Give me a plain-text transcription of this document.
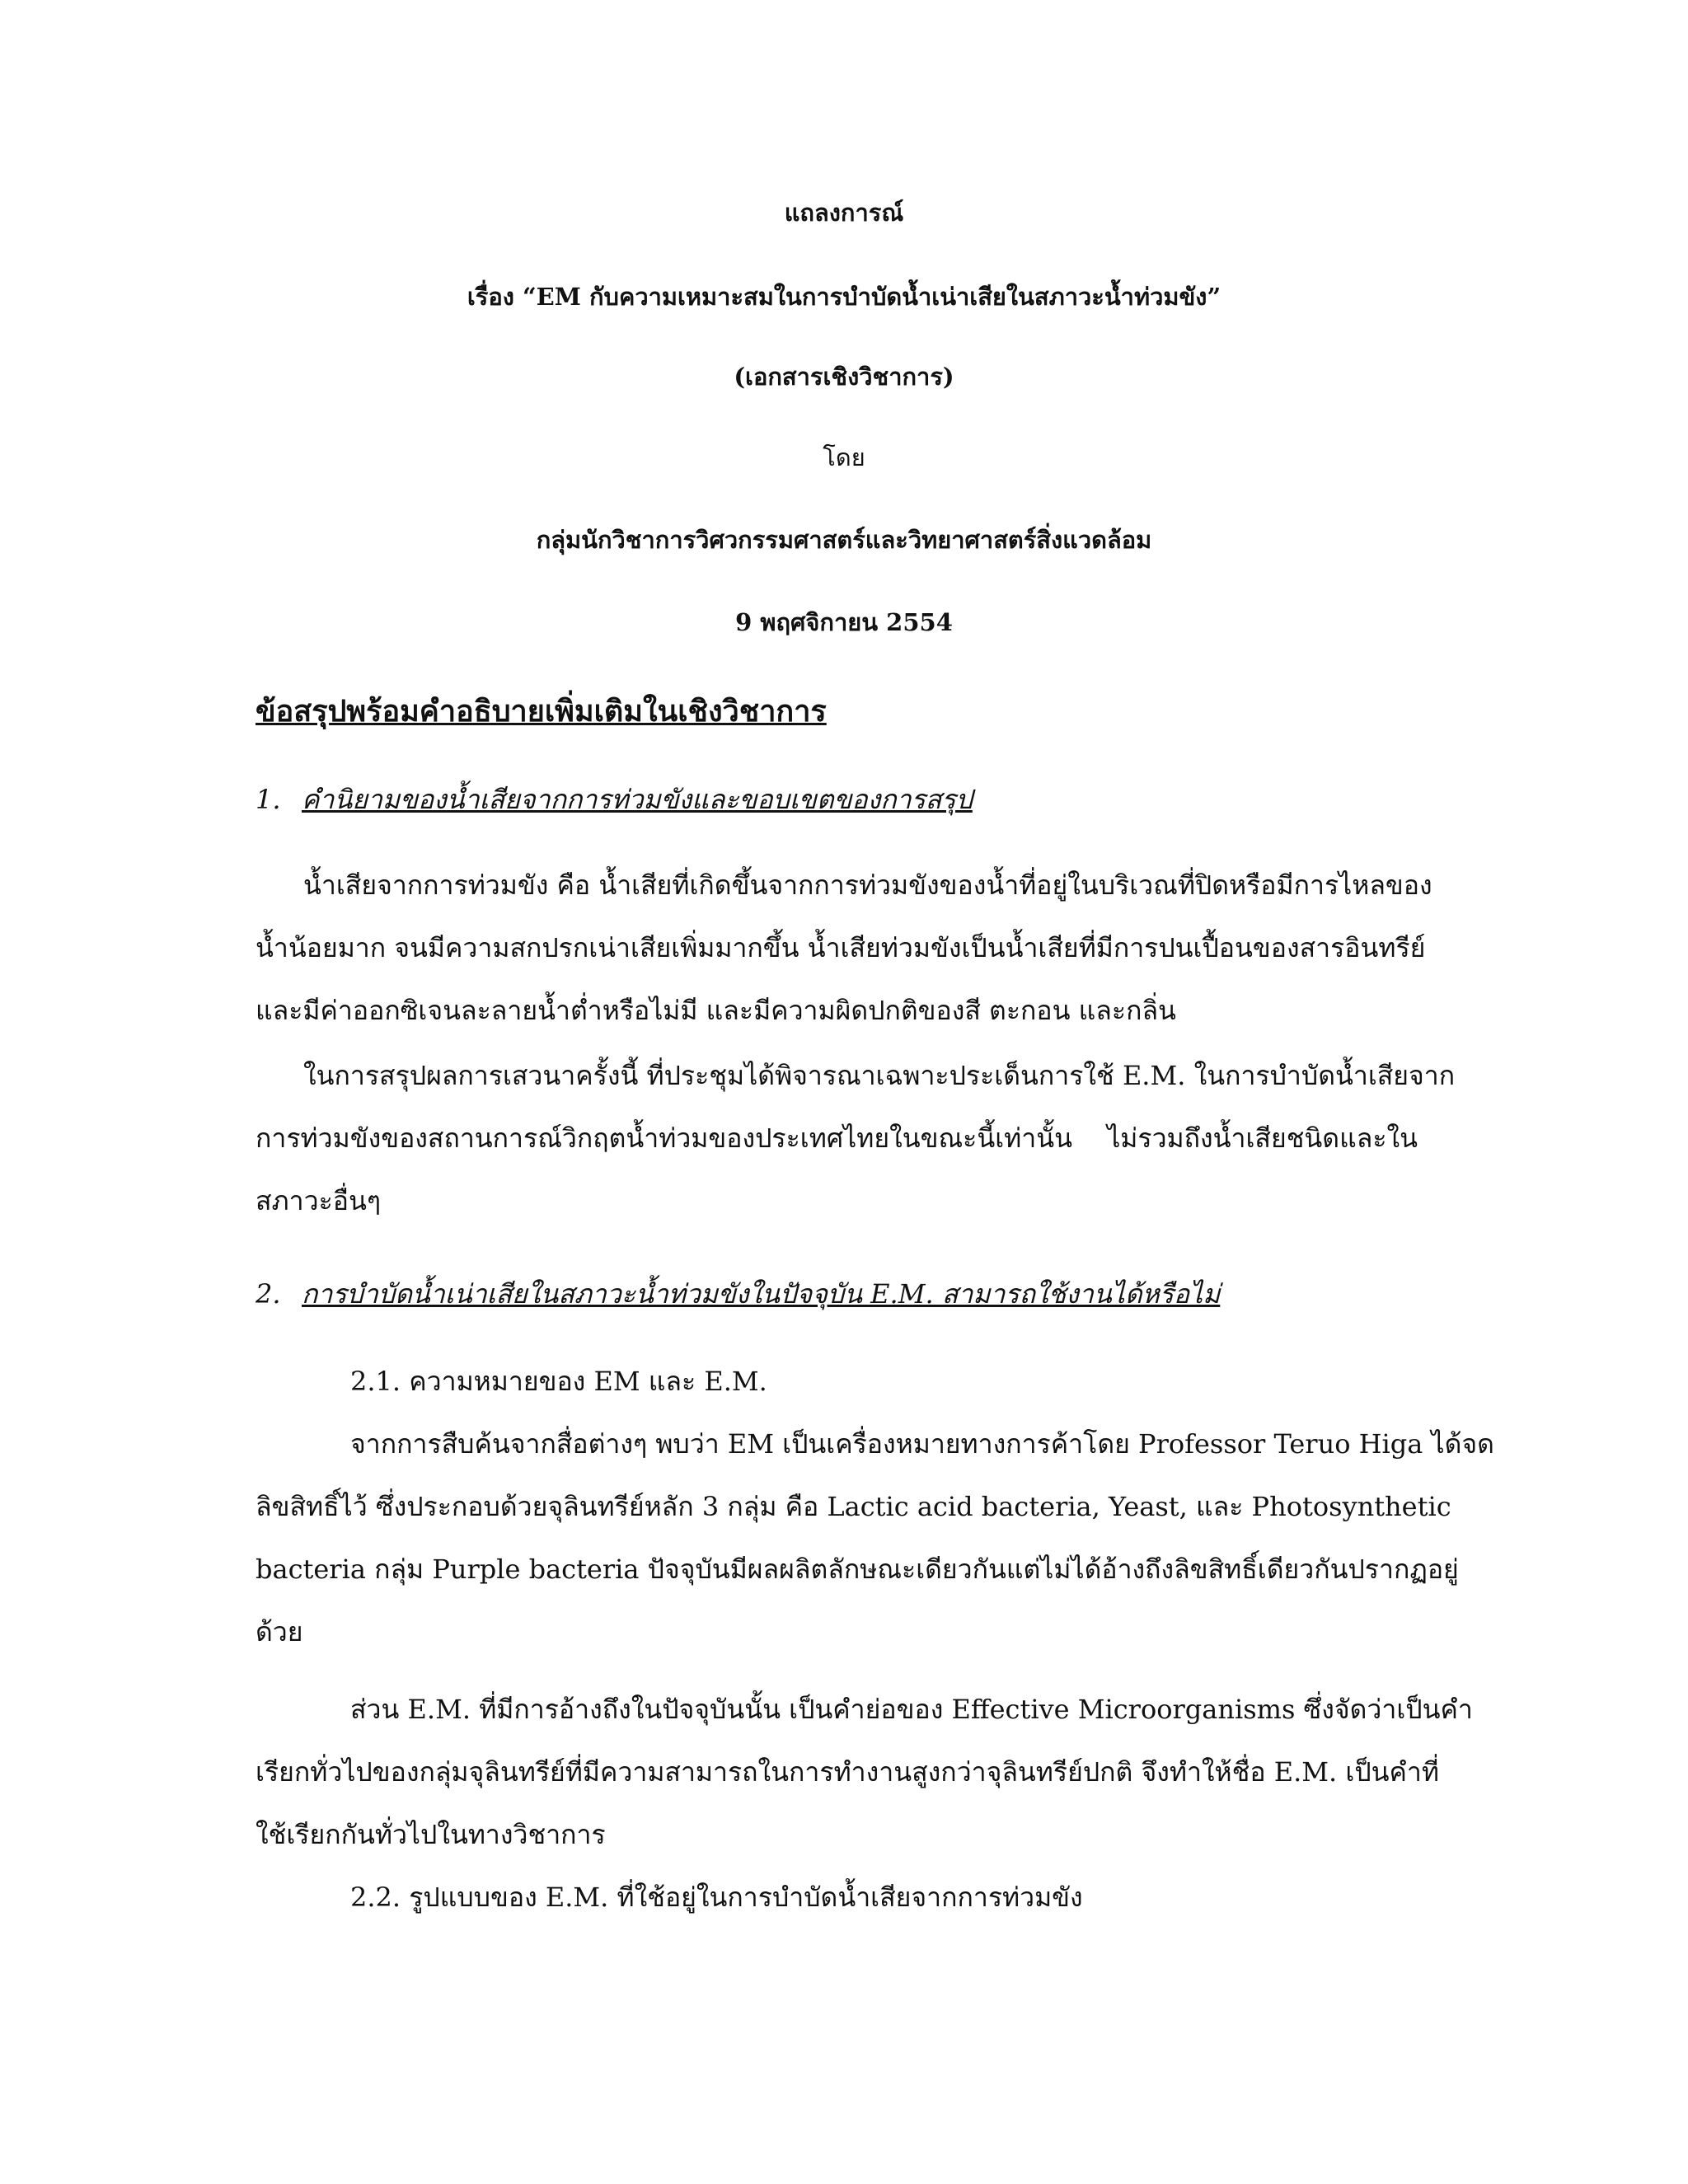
แถลงการณ์
เรื่อง “EM กับความเหมาะสมในการบำบัดน้ำเน่าเสียในสภาวะน้ำท่วมขัง”
(เอกสารเชิงวิชาการ)
โดย
กลุ่มนักวิชาการวิศวกรรมศาสตร์และวิทยาศาสตร์สิ่งแวดล้อม
9 พฤศจิกายน 2554
ข้อสรุปพร้อมคำอธิบายเพิ่มเติมในเชิงวิชาการ
1. คำนิยามของน้ำเสียจากการท่วมขังและขอบเขตของการสรุป
น้ำเสียจากการท่วมขัง คือ น้ำเสียที่เกิดขึ้นจากการท่วมขังของน้ำที่อยู่ในบริเวณที่ปิดหรือมีการไหลของ
น้ำน้อยมาก จนมีความสกปรกเน่าเสียเพิ่มมากขึ้น น้ำเสียท่วมขังเป็นน้ำเสียที่มีการปนเปื้อนของสารอินทรีย์
และมีค่าออกซิเจนละลายน้ำต่ำหรือไม่มี และมีความผิดปกติของสี ตะกอน และกลิ่น
ในการสรุปผลการเสวนาครั้งนี้ ที่ประชุมได้พิจารณาเฉพาะประเด็นการใช้ E.M. ในการบำบัดน้ำเสียจาก
การท่วมขังของสถานการณ์วิกฤตน้ำท่วมของประเทศไทยในขณะนี้เท่านั้น ไม่รวมถึงน้ำเสียชนิดและใน
สภาวะอื่นๆ
2. การบำบัดน้ำเน่าเสียในสภาวะน้ำท่วมขังในปัจจุบัน E.M. สามารถใช้งานได้หรือไม่
2.1. ความหมายของ EM และ E.M.
จากการสืบค้นจากสื่อต่างๆ พบว่า EM เป็นเครื่องหมายทางการค้าโดย Professor Teruo Higa ได้จด
ลิขสิทธิ์ไว้ ซึ่งประกอบด้วยจุลินทรีย์หลัก 3 กลุ่ม คือ Lactic acid bacteria, Yeast, และ Photosynthetic
bacteria กลุ่ม Purple bacteria ปัจจุบันมีผลผลิตลักษณะเดียวกันแต่ไม่ได้อ้างถึงลิขสิทธิ์เดียวกันปรากฏอยู่
ด้วย
ส่วน E.M. ที่มีการอ้างถึงในปัจจุบันนั้น เป็นคำย่อของ Effective Microorganisms ซึ่งจัดว่าเป็นคำ
เรียกทั่วไปของกลุ่มจุลินทรีย์ที่มีความสามารถในการทำงานสูงกว่าจุลินทรีย์ปกติ จึงทำให้ชื่อ E.M. เป็นคำที่
ใช้เรียกกันทั่วไปในทางวิชาการ
2.2. รูปแบบของ E.M. ที่ใช้อยู่ในการบำบัดน้ำเสียจากการท่วมขัง
